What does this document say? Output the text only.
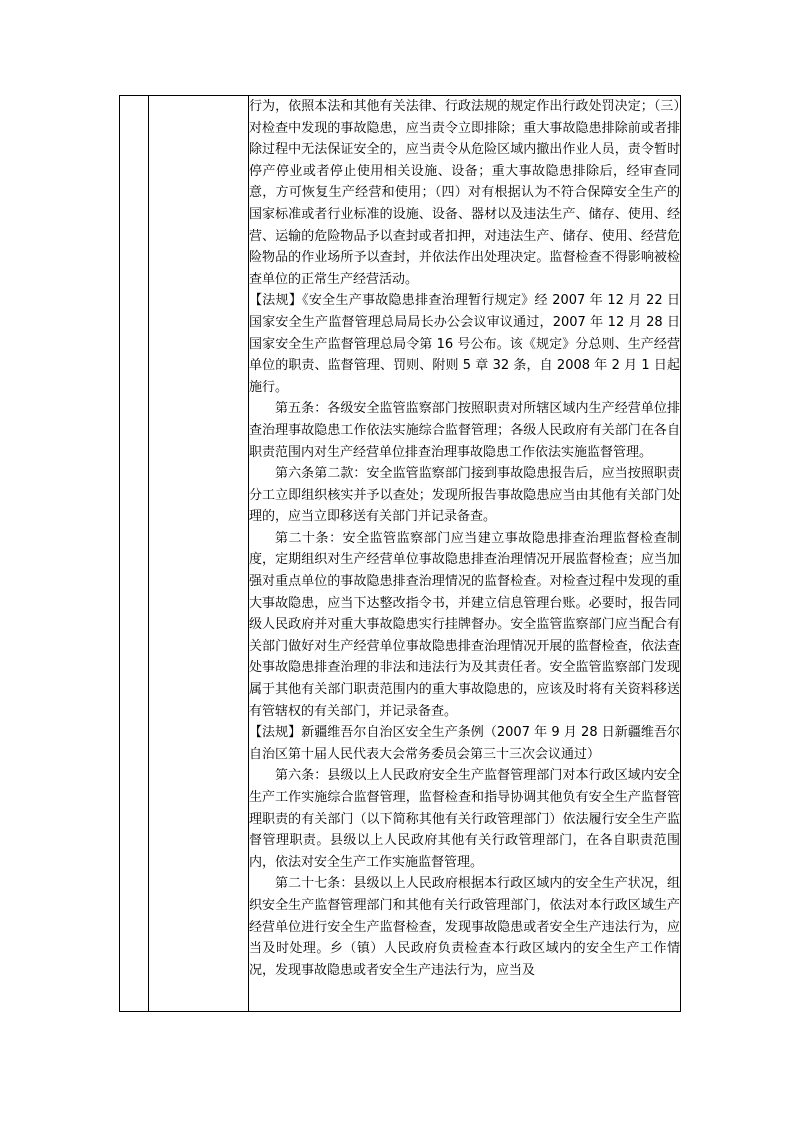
行为，依照本法和其他有关法律、行政法规的规定作出行政处罚决定；（三）对检查中发现的事故隐患，应当责令立即排除；重大事故隐患排除前或者排除过程中无法保证安全的，应当责令从危险区域内撤出作业人员，责令暂时停产停业或者停止使用相关设施、设备；重大事故隐患排除后，经审查同意，方可恢复生产经营和使用；（四）对有根据认为不符合保障安全生产的国家标准或者行业标准的设施、设备、器材以及违法生产、储存、使用、经营、运输的危险物品予以查封或者扣押，对违法生产、储存、使用、经营危险物品的作业场所予以查封，并依法作出处理决定。监督检查不得影响被检查单位的正常生产经营活动。

【法规】《安全生产事故隐患排查治理暂行规定》经 2007 年 12 月 22 日国家安全生产监督管理总局局长办公会议审议通过，2007 年 12 月 28 日国家安全生产监督管理总局令第 16 号公布。该《规定》分总则、生产经营单位的职责、监督管理、罚则、附则 5 章 32 条，自 2008 年 2 月 1 日起施行。

第五条：各级安全监管监察部门按照职责对所辖区域内生产经营单位排查治理事故隐患工作依法实施综合监督管理；各级人民政府有关部门在各自职责范围内对生产经营单位排查治理事故隐患工作依法实施监督管理。

第六条第二款：安全监管监察部门接到事故隐患报告后，应当按照职责分工立即组织核实并予以查处；发现所报告事故隐患应当由其他有关部门处理的，应当立即移送有关部门并记录备查。

第二十条：安全监管监察部门应当建立事故隐患排查治理监督检查制度，定期组织对生产经营单位事故隐患排查治理情况开展监督检查；应当加强对重点单位的事故隐患排查治理情况的监督检查。对检查过程中发现的重大事故隐患，应当下达整改指令书，并建立信息管理台账。必要时，报告同级人民政府并对重大事故隐患实行挂牌督办。安全监管监察部门应当配合有关部门做好对生产经营单位事故隐患排查治理情况开展的监督检查，依法查处事故隐患排查治理的非法和违法行为及其责任者。安全监管监察部门发现属于其他有关部门职责范围内的重大事故隐患的，应该及时将有关资料移送有管辖权的有关部门，并记录备查。

【法规】新疆维吾尔自治区安全生产条例（2007 年 9 月 28 日新疆维吾尔自治区第十届人民代表大会常务委员会第三十三次会议通过）

第六条：县级以上人民政府安全生产监督管理部门对本行政区域内安全生产工作实施综合监督管理，监督检查和指导协调其他负有安全生产监督管理职责的有关部门（以下简称其他有关行政管理部门）依法履行安全生产监督管理职责。县级以上人民政府其他有关行政管理部门，在各自职责范围内，依法对安全生产工作实施监督管理。

第二十七条：县级以上人民政府根据本行政区域内的安全生产状况，组织安全生产监督管理部门和其他有关行政管理部门，依法对本行政区域生产经营单位进行安全生产监督检查，发现事故隐患或者安全生产违法行为，应当及时处理。乡（镇）人民政府负责检查本行政区域内的安全生产工作情况，发现事故隐患或者安全生产违法行为，应当及
